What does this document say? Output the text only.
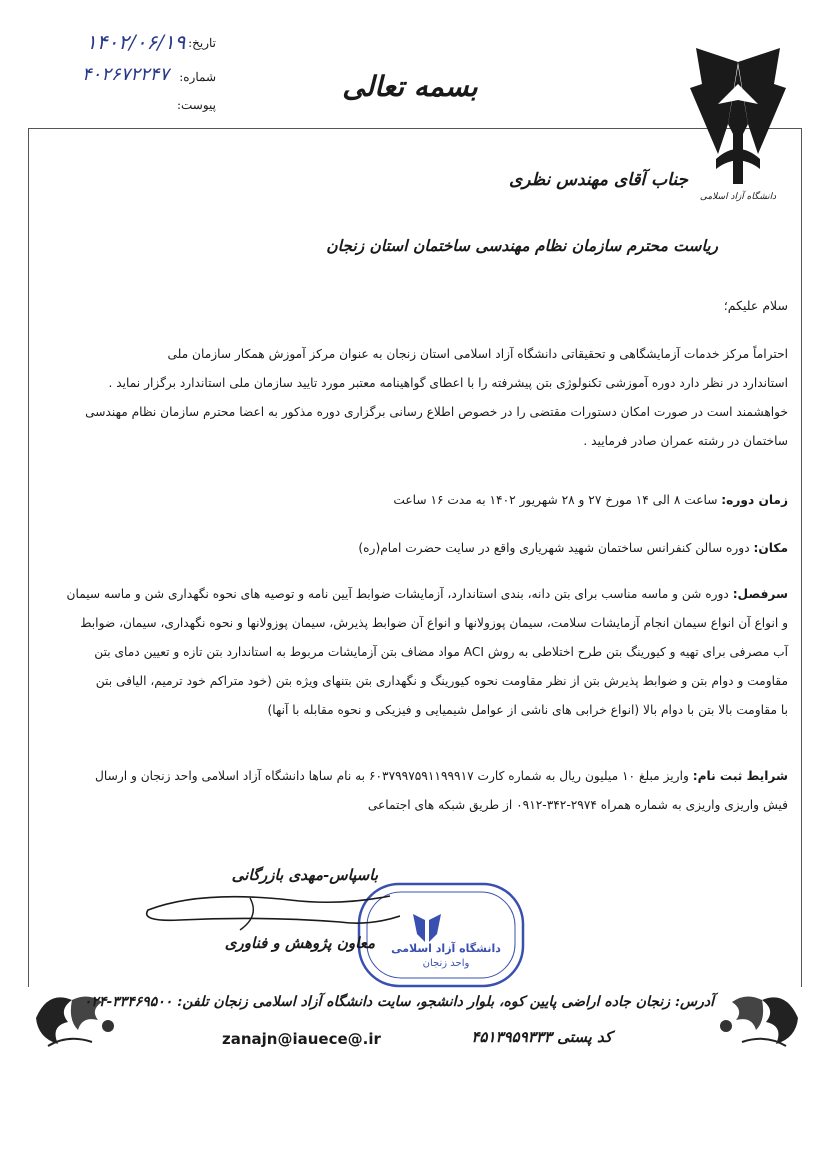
تاریخ:
۱۴۰۲/۰۶/۱۹
شماره:
۴۰۲۶۷۲۲۴۷
پیوست:
بسمه تعالی
دانشگاه آزاد اسلامی
جناب آقای مهندس نظری
ریاست محترم سازمان نظام مهندسی ساختمان استان زنجان
سلام علیکم؛
احتراماً مرکز خدمات آزمایشگاهی و تحقیقاتی دانشگاه آزاد اسلامی استان زنجان به عنوان مرکز آموزش همکار سازمان ملی
استاندارد در نظر دارد دوره آموزشی تکنولوژی بتن پیشرفته را با اعطای گواهینامه معتبر مورد تایید سازمان ملی استاندارد برگزار نماید .
خواهشمند است در صورت امکان دستورات مقتضی را در خصوص اطلاع رسانی برگزاری دوره مذکور به اعضا محترم سازمان نظام مهندسی
ساختمان در رشته عمران صادر فرمایید .
زمان دوره: ساعت ۸ الی ۱۴ مورخ ۲۷ و ۲۸ شهریور ۱۴۰۲ به مدت ۱۶ ساعت
مکان: دوره سالن کنفرانس ساختمان شهید شهریاری واقع در سایت حضرت امام(ره)
سرفصل: دوره شن و ماسه مناسب برای بتن دانه، بندی استاندارد، آزمایشات ضوابط آیین نامه و توصیه های نحوه نگهداری شن و ماسه سیمان
و انواع آن انواع سیمان انجام آزمایشات سلامت، سیمان پوزولانها و انواع آن ضوابط پذیرش، سیمان پوزولانها و نحوه نگهداری، سیمان، ضوابط
آب مصرفی برای تهیه و کیورینگ بتن طرح اختلاطی به روش ACI مواد مضاف بتن آزمایشات مربوط به استاندارد بتن تازه و تعیین دمای بتن
مقاومت و دوام بتن و ضوابط پذیرش بتن از نظر مقاومت نحوه کیورینگ و نگهداری بتن بتنهای ویژه بتن (خود متراکم خود ترمیم، الیافی بتن
با مقاومت بالا بتن با دوام بالا (انواع خرابی های ناشی از عوامل شیمیایی و فیزیکی و نحوه مقابله با آنها)
شرایط ثبت نام: واریز مبلغ ۱۰ میلیون ریال به شماره کارت ۶۰۳۷۹۹۷۵۹۱۱۹۹۹۱۷ به نام ساها دانشگاه آزاد اسلامی واحد زنجان و ارسال
فیش واریزی واریزی به شماره همراه ۲۹۷۴-۳۴۲-۰۹۱۲ از طریق شبکه های اجتماعی
دانشگاه آزاد اسلامی
واحد زنجان
باسپاس-مهدی بازرگانی
معاون پژوهش و فناوری
آدرس: زنجان جاده اراضی پایین کوه، بلوار دانشجو، سایت دانشگاه آزاد اسلامی زنجان تلفن: ۳۳۴۶۹۵۰۰-۰۲۴
کد پستی ۴۵۱۳۹۵۹۳۳۳
zanajn@iauece@.ir
